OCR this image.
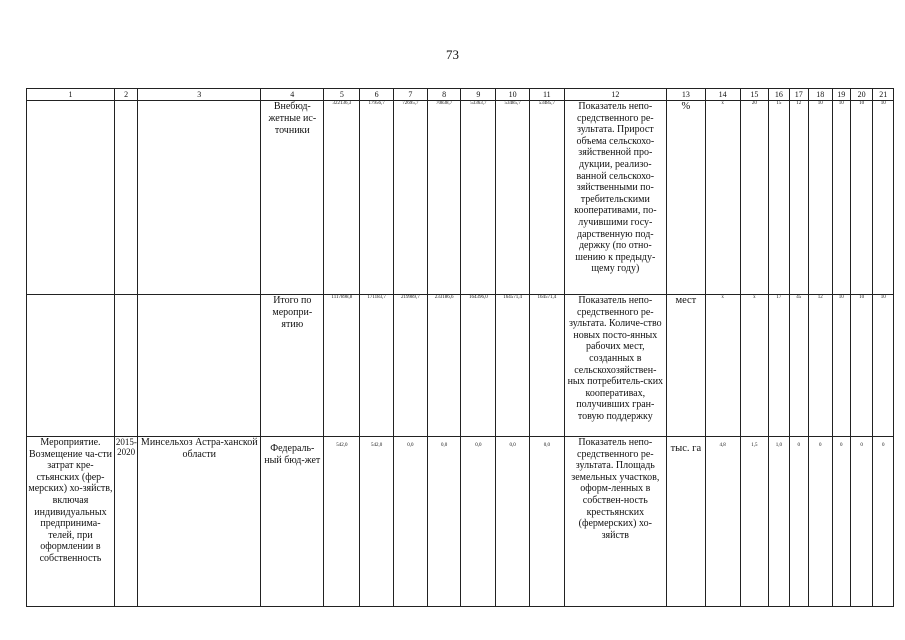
73
1	2	3	4	5	6	7	8	9	10	11	12	13	14	15	16	17	18	19	20	21
			Внебюд-жетные ис-точники	322136,3	17956,7	72695,7	70838,7	53363,7	53485,7	53485,7	Показатель непо-средственного ре-зультата. Прирост объема сельскохо-зяйственной про-дукции, реализо-ванной сельскохо-зяйственными по-требительскими кооперативами, по-лучившими госу-дарственную под-держку (по отно-шению к предыду-щему году)	%	х	20	15	12	10	10	10	10
			Итого по меропри-ятию	1117898,8	171183,7	219989,7	233186,6	164396,0	164571,4	164571,4	Показатель непо-средственного ре-зультата. Количе-ство новых посто-янных рабочих мест, созданных в сельскохозяйствен-ных потребитель-ских кооперативах, получивших гран-товую поддержку	мест	х	х	17	45	12	10	10	10
Мероприятие. Возмещение ча-сти затрат кре-стьянских (фер-мерских) хо-зяйств, включая индивидуальных предпринима-телей, при оформлении в собственность	2015-2020	Минсельхоз Астра-ханской области	Федераль-ный бюд-жет	542,0	542,0	0,0	0,0	0,0	0,0	0,0	Показатель непо-средственного ре-зультата. Площадь земельных участков, оформ-ленных в собствен-ность крестьянских (фермерских) хо-зяйств	тыс. га	4,8	1,5	1,0	0	0	0	0	0
